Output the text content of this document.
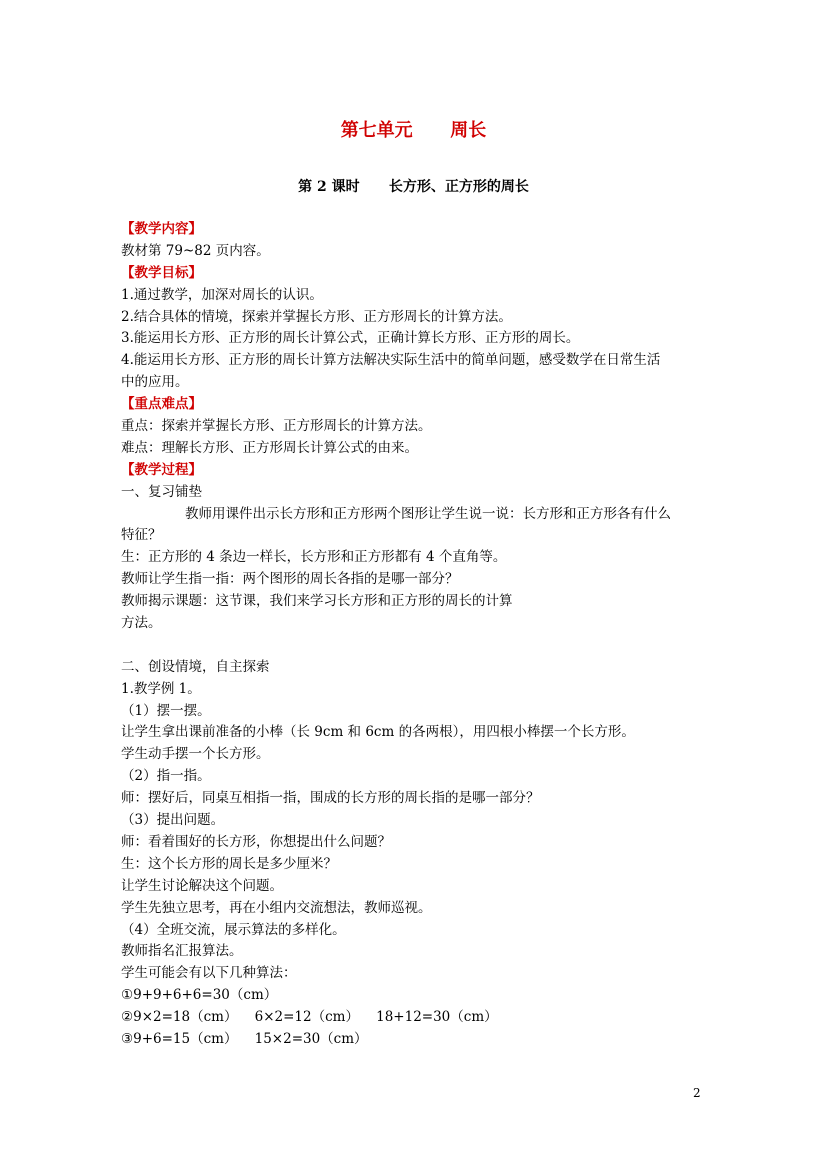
第七单元      周长
第 2 课时      长方形、正方形的周长
【教学内容】
教材第 79~82 页内容。
【教学目标】
1.通过教学，加深对周长的认识。
2.结合具体的情境，探索并掌握长方形、正方形周长的计算方法。
3.能运用长方形、正方形的周长计算公式，正确计算长方形、正方形的周长。
4.能运用长方形、正方形的周长计算方法解决实际生活中的简单问题，感受数学在日常生活
中的应用。
【重点难点】
重点：探索并掌握长方形、正方形周长的计算方法。
难点：理解长方形、正方形周长计算公式的由来。
【教学过程】
一、复习铺垫
教师用课件出示长方形和正方形两个图形让学生说一说：长方形和正方形各有什么
特征？
生：正方形的 4 条边一样长，长方形和正方形都有 4 个直角等。
教师让学生指一指：两个图形的周长各指的是哪一部分？
教师揭示课题：这节课，我们来学习长方形和正方形的周长的计算
方法。
二、创设情境，自主探索
1.教学例 1。
（1）摆一摆。
让学生拿出课前准备的小棒（长 9cm 和 6cm 的各两根），用四根小棒摆一个长方形。
学生动手摆一个长方形。
（2）指一指。
师：摆好后，同桌互相指一指，围成的长方形的周长指的是哪一部分？
（3）提出问题。
师：看着围好的长方形，你想提出什么问题？
生：这个长方形的周长是多少厘米？
让学生讨论解决这个问题。
学生先独立思考，再在小组内交流想法，教师巡视。
（4）全班交流，展示算法的多样化。
教师指名汇报算法。
学生可能会有以下几种算法：
①9+9+6+6=30（cm）
②9×2=18（cm）    6×2=12（cm）    18+12=30（cm）
③9+6=15（cm）    15×2=30（cm）
2
